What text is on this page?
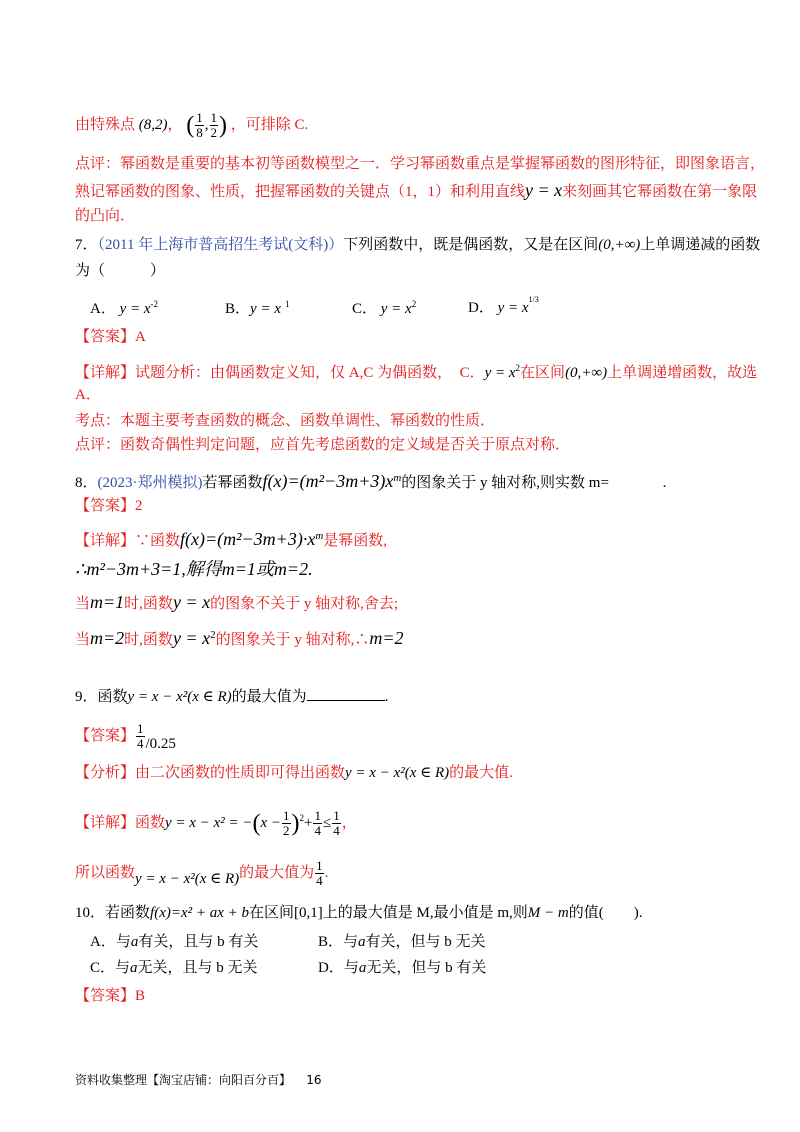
由特殊点 (8,2)， ( $\frac{1}{8}$ , $\frac{1}{2}$ ) ，可排除 C.
点评：幂函数是重要的基本初等函数模型之一．学习幂函数重点是掌握幂函数的图形特征，即图象语言，
熟记幂函数的图象、性质，把握幂函数的关键点（1，1）和利用直线y = x来刻画其它幂函数在第一象限
的凸向．
7．（2011 年上海市普高招生考试(文科)）下列函数中，既是偶函数，又是在区间(0,+∞)上单调递减的函数
为（　　　）
A． $y = x^{-2}$	B．y = x $^1$	C． $y = x^2$	D． $y = x^{1/3}$
【答案】A
【详解】试题分析：由偶函数定义知，仅 A,C 为偶函数，　C．$y = x^2$在区间(0,+∞)上单调递增函数，故选
A．
考点：本题主要考查函数的概念、函数单调性、幂函数的性质．
点评：函数奇偶性判定问题，应首先考虑函数的定义域是否关于原点对称．
8．(2023·郑州模拟)若幂函数$f(x)=(m^2-3m+3)x^m$的图象关于 y 轴对称,则实数 m=	.
【答案】2
【详解】∵函数$f(x)=(m^2-3m+3)\cdot x^m$是幂函数,
∴m²−3m+3=1,解得m=1或m=2.
当m=1时,函数y = x的图象不关于 y 轴对称,舍去;
当m=2时,函数$y = x^2$的图象关于 y 轴对称,∴m=2
9．函数y = x − x²(x ∈ R)的最大值为	.
【答案】 $\frac{1}{4} /0.25$
【分析】由二次函数的性质即可得出函数y = x − x²(x ∈ R)的最大值.
【详解】函数$y = x - x^2 = -(x - \frac{1}{2} )^2+ \frac{1}{4} \le \frac{1}{4}$ ，
所以函数y = x − x²(x ∈ R)的最大值为 $\frac{1}{4}$ .
10．若函数f(x)=x² + ax + b在区间[0,1]上的最大值是 M,最小值是 m,则M − m的值(　　).
A．与a有关，且与 b 有关	B．与a有关，但与 b 无关
C．与a无关，且与 b 无关	D．与a无关，但与 b 有关
【答案】B
资料收集整理【淘宝店铺：向阳百分百】 16
